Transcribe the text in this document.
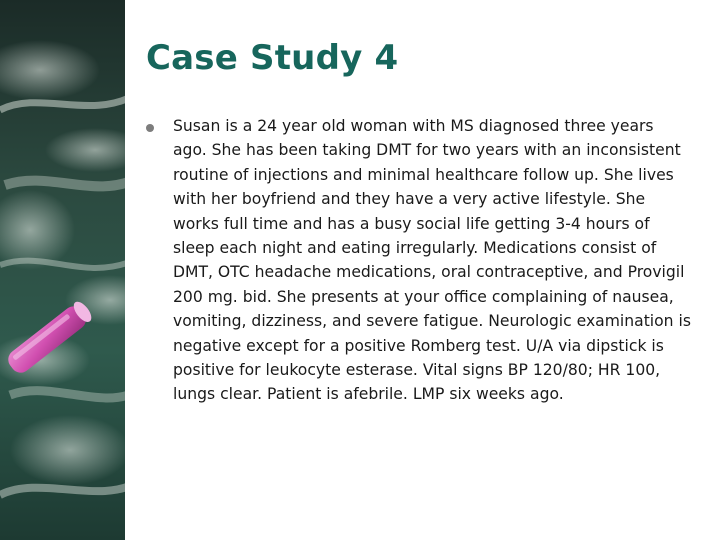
Case Study 4
Susan is a 24 year old woman with MS diagnosed three years ago. She has been taking DMT for two years with an inconsistent routine of injections and minimal healthcare follow up. She lives with her boyfriend and they have a very active lifestyle. She works full time and has a busy social life getting 3-4 hours of sleep each night and eating irregularly. Medications consist of DMT, OTC headache medications, oral contraceptive, and Provigil 200 mg. bid. She presents at your office complaining of nausea, vomiting, dizziness, and severe fatigue. Neurologic examination is negative except for a positive Romberg test. U/A via dipstick is positive for leukocyte esterase. Vital signs BP 120/80; HR 100, lungs clear. Patient is afebrile. LMP six weeks ago.
